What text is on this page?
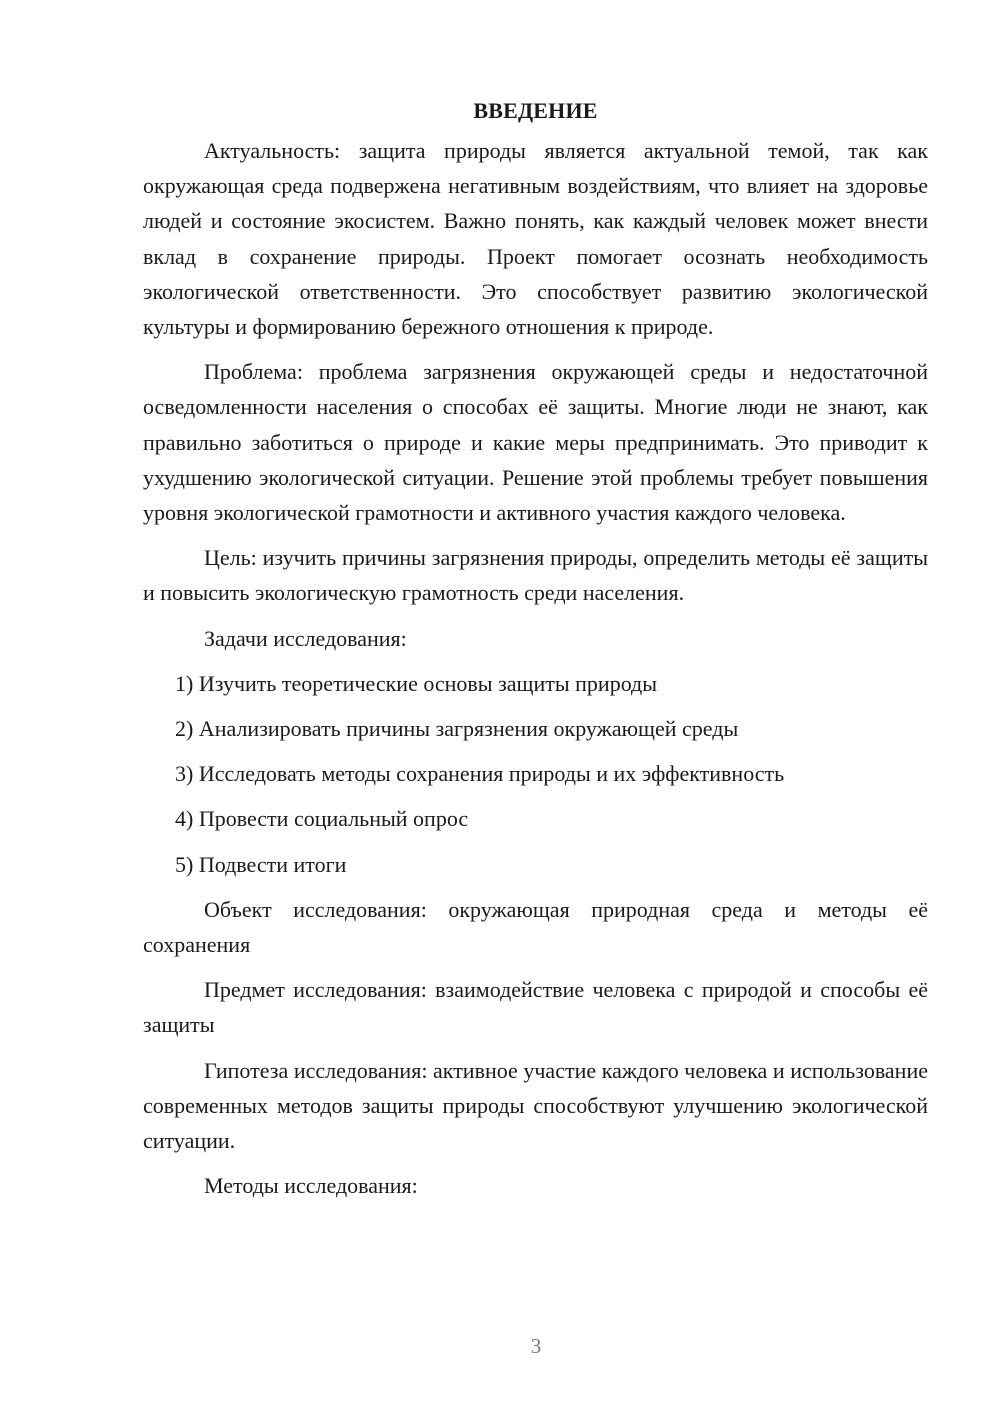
ВВЕДЕНИЕ

Актуальность: защита природы является актуальной темой, так как окружающая среда подвержена негативным воздействиям, что влияет на здоровье людей и состояние экосистем. Важно понять, как каждый человек может внести вклад в сохранение природы. Проект помогает осознать необходимость экологической ответственности. Это способствует развитию экологической культуры и формированию бережного отношения к природе.

Проблема: проблема загрязнения окружающей среды и недостаточной осведомленности населения о способах её защиты. Многие люди не знают, как правильно заботиться о природе и какие меры предпринимать. Это приводит к ухудшению экологической ситуации. Решение этой проблемы требует повышения уровня экологической грамотности и активного участия каждого человека.

Цель: изучить причины загрязнения природы, определить методы её защиты и повысить экологическую грамотность среди населения.

Задачи исследования:

1) Изучить теоретические основы защиты природы
2) Анализировать причины загрязнения окружающей среды
3) Исследовать методы сохранения природы и их эффективность
4) Провести социальный опрос
5) Подвести итоги

Объект исследования: окружающая природная среда и методы её сохранения

Предмет исследования: взаимодействие человека с природой и способы её защиты

Гипотеза исследования: активное участие каждого человека и использование современных методов защиты природы способствуют улучшению экологической ситуации.

Методы исследования:

3
